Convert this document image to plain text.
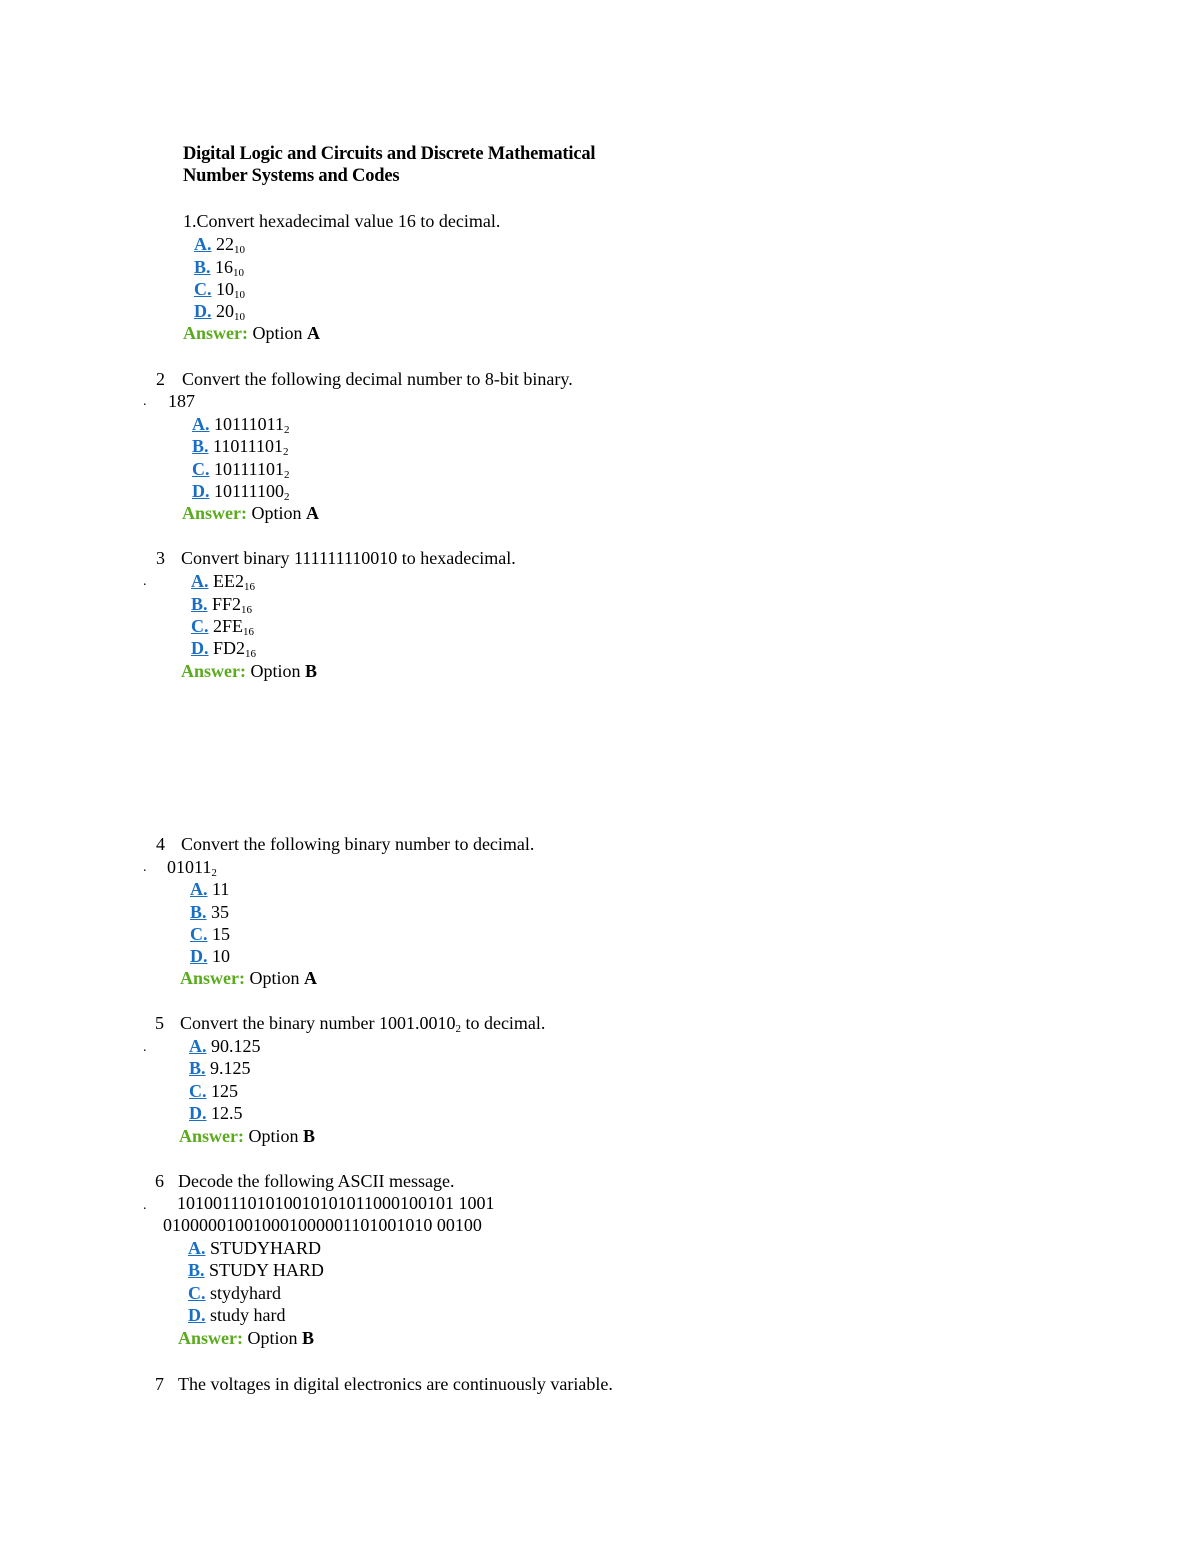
Digital Logic and Circuits and Discrete Mathematical
Number Systems and Codes
1.Convert hexadecimal value 16 to decimal.
A. $22_{10}$
B. $16_{10}$
C. $10_{10}$
D. $20_{10}$
Answer: Option A
2 Convert the following decimal number to 8-bit binary.
. 187
A. $10111011_2$
B. $11011101_2$
C. $10111101_2$
D. $10111100_2$
Answer: Option A
3 Convert binary 111111110010 to hexadecimal.
. A. $EE2_{16}$
B. $FF2_{16}$
C. $2FE_{16}$
D. $FD2_{16}$
Answer: Option B
4 Convert the following binary number to decimal.
. $01011_2$
A. 11
B. 35
C. 15
D. 10
Answer: Option A
5 Convert the binary number $1001.0010_2$ to decimal.
. A. 90.125
B. 9.125
C. 125
D. 12.5
Answer: Option B
6 Decode the following ASCII message.
. 1010011101010010101011000100101 1001
010000010010001000001101001010 00100
A. STUDYHARD
B. STUDY HARD
C. stydyhard
D. study hard
Answer: Option B
7 The voltages in digital electronics are continuously variable.
